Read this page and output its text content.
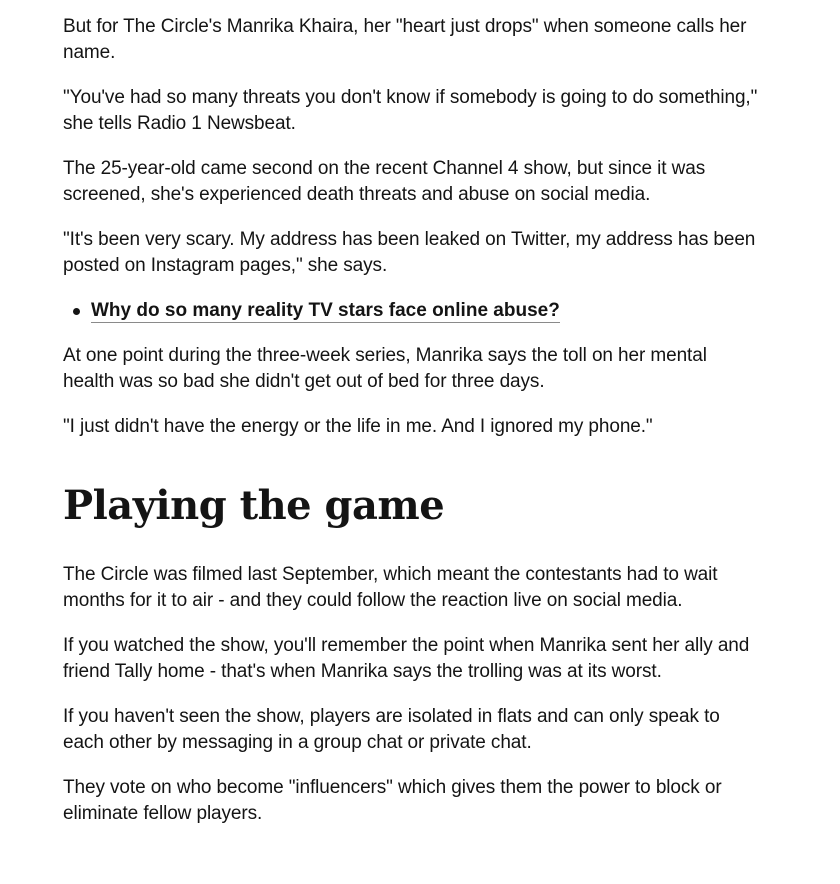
But for The Circle's Manrika Khaira, her "heart just drops" when someone calls her name.

"You've had so many threats you don't know if somebody is going to do something," she tells Radio 1 Newsbeat.

The 25-year-old came second on the recent Channel 4 show, but since it was screened, she's experienced death threats and abuse on social media.

"It's been very scary. My address has been leaked on Twitter, my address has been posted on Instagram pages," she says.

Why do so many reality TV stars face online abuse?

At one point during the three-week series, Manrika says the toll on her mental health was so bad she didn't get out of bed for three days.

"I just didn't have the energy or the life in me. And I ignored my phone."

Playing the game

The Circle was filmed last September, which meant the contestants had to wait months for it to air - and they could follow the reaction live on social media.

If you watched the show, you'll remember the point when Manrika sent her ally and friend Tally home - that's when Manrika says the trolling was at its worst.

If you haven't seen the show, players are isolated in flats and can only speak to each other by messaging in a group chat or private chat.

They vote on who become "influencers" which gives them the power to block or eliminate fellow players.
